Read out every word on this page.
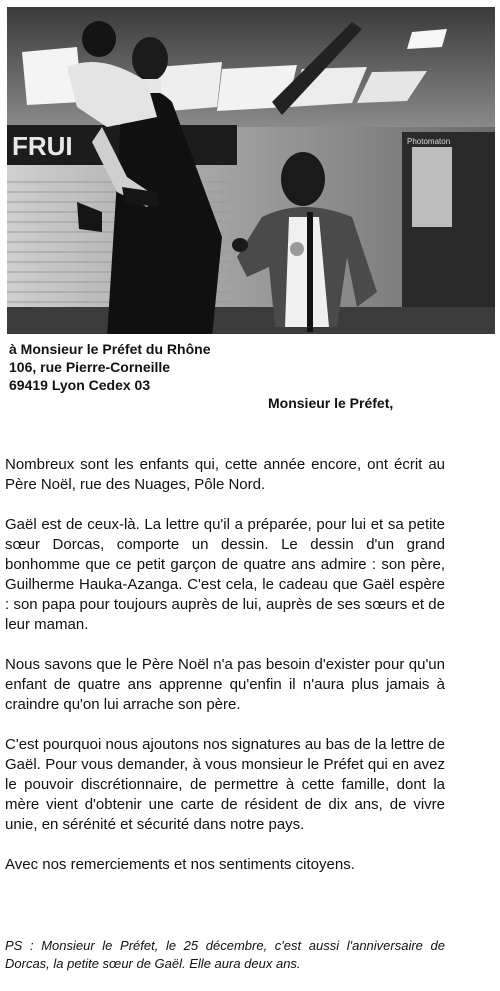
FRUI	Photomaton
à Monsieur le Préfet du Rhône
106, rue Pierre-Corneille
69419 Lyon Cedex 03
Monsieur le Préfet,

Nombreux sont les enfants qui, cette année encore, ont écrit au Père Noël, rue des Nuages, Pôle Nord.

Gaël est de ceux-là. La lettre qu'il a préparée, pour lui et sa petite sœur Dorcas, comporte un dessin. Le dessin d'un grand bonhomme que ce petit garçon de quatre ans admire : son père, Guilherme Hauka-Azanga. C'est cela, le cadeau que Gaël espère : son papa pour toujours auprès de lui, auprès de ses sœurs et de leur maman.

Nous savons que le Père Noël n'a pas besoin d'exister pour qu'un enfant de quatre ans apprenne qu'enfin il n'aura plus jamais à craindre qu'on lui arrache son père.

C'est pourquoi nous ajoutons nos signatures au bas de la lettre de Gaël. Pour vous demander, à vous monsieur le Préfet qui en avez le pouvoir discrétionnaire, de permettre à cette famille, dont la mère vient d'obtenir une carte de résident de dix ans, de vivre unie, en sérénité et sécurité dans notre pays.

Avec nos remerciements et nos sentiments citoyens.

PS : Monsieur le Préfet, le 25 décembre, c'est aussi l'anniversaire de Dorcas, la petite sœur de Gaël. Elle aura deux ans.
